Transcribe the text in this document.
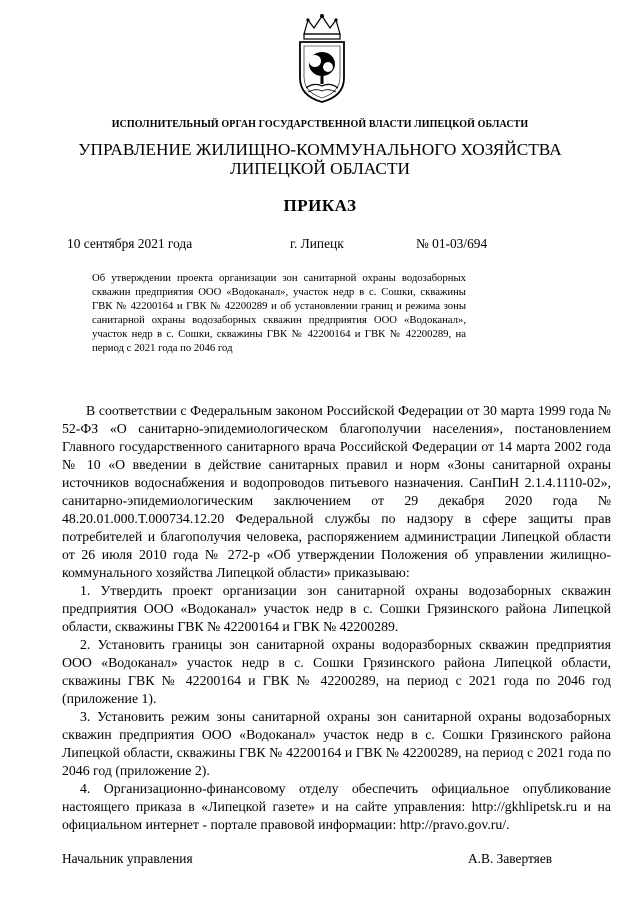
ИСПОЛНИТЕЛЬНЫЙ ОРГАН ГОСУДАРСТВЕННОЙ ВЛАСТИ ЛИПЕЦКОЙ ОБЛАСТИ
УПРАВЛЕНИЕ ЖИЛИЩНО-КОММУНАЛЬНОГО ХОЗЯЙСТВА
ЛИПЕЦКОЙ ОБЛАСТИ
ПРИКАЗ
10 сентября 2021 года	г. Липецк	№ 01-03/694
Об утверждении проекта организации зон санитарной охраны водозаборных скважин предприятия ООО «Водоканал», участок недр в с. Сошки, скважины ГВК № 42200164 и ГВК № 42200289 и об установлении границ и режима зоны санитарной охраны водозаборных скважин предприятия ООО «Водоканал», участок недр в с. Сошки, скважины ГВК № 42200164 и ГВК № 42200289, на период с 2021 года по 2046 год

В соответствии с Федеральным законом Российской Федерации от 30 марта 1999 года № 52-ФЗ «О санитарно-эпидемиологическом благополучии населения», постановлением Главного государственного санитарного врача Российской Федерации от 14 марта 2002 года № 10 «О введении в действие санитарных правил и норм «Зоны санитарной охраны источников водоснабжения и водопроводов питьевого назначения. СанПиН 2.1.4.1110-02», санитарно-эпидемиологическим заключением от 29 декабря 2020 года № 48.20.01.000.Т.000734.12.20 Федеральной службы по надзору в сфере защиты прав потребителей и благополучия человека, распоряжением администрации Липецкой области от 26 июля 2010 года № 272-р «Об утверждении Положения об управлении жилищно-коммунального хозяйства Липецкой области» приказываю:

1. Утвердить проект организации зон санитарной охраны водозаборных скважин предприятия ООО «Водоканал» участок недр в с. Сошки Грязинского района Липецкой области, скважины ГВК № 42200164 и ГВК № 42200289.

2. Установить границы зон санитарной охраны водоразборных скважин предприятия ООО «Водоканал» участок недр в с. Сошки Грязинского района Липецкой области, скважины ГВК № 42200164 и ГВК № 42200289, на период с 2021 года по 2046 год (приложение 1).

3. Установить режим зоны санитарной охраны зон санитарной охраны водозаборных скважин предприятия ООО «Водоканал» участок недр в с. Сошки Грязинского района Липецкой области, скважины ГВК № 42200164 и ГВК № 42200289, на период с 2021 года по 2046 год (приложение 2).

4. Организационно-финансовому отделу обеспечить официальное опубликование настоящего приказа в «Липецкой газете» и на сайте управления: http://gkhlipetsk.ru и на официальном интернет - портале правовой информации: http://pravo.gov.ru/.

Начальник управления	А.В. Завертяев
